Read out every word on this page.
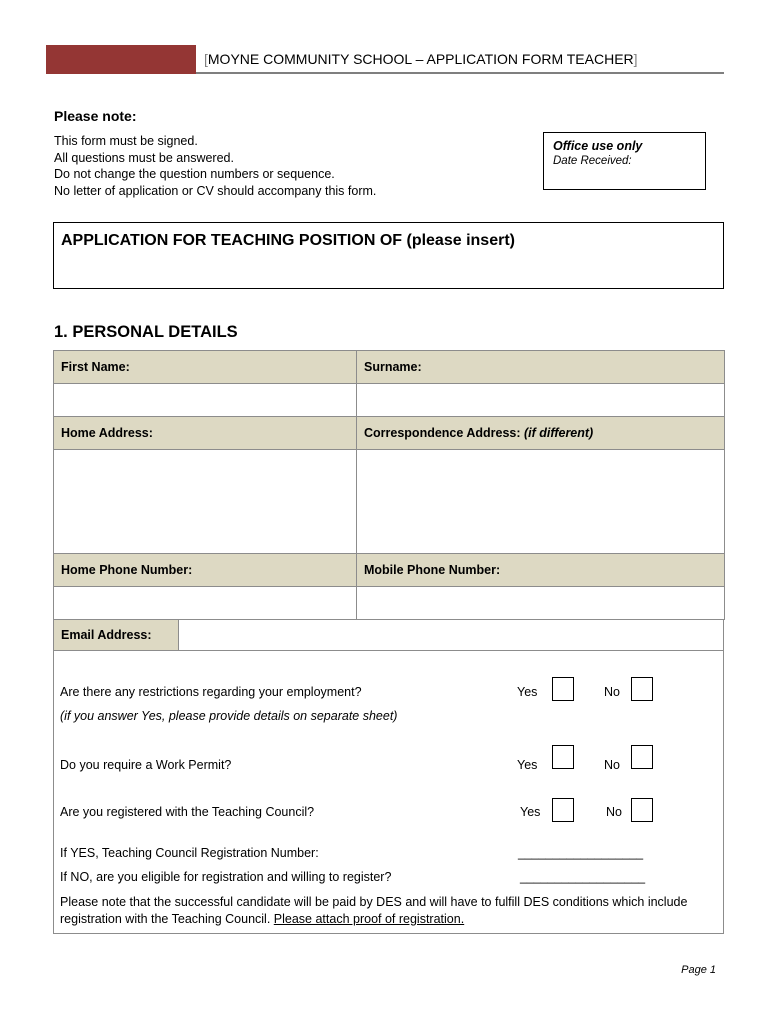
[MOYNE COMMUNITY SCHOOL – APPLICATION FORM TEACHER]
Please note:
This form must be signed.
All questions must be answered.
Do not change the question numbers or sequence.
No letter of application or CV should accompany this form.
Office use only
Date Received:
APPLICATION FOR TEACHING POSITION OF (please insert)
1. PERSONAL DETAILS
First Name:	Surname:

Home Address:	Correspondence Address: (if different)

Home Phone Number:	Mobile Phone Number:

Email Address:
Are there any restrictions regarding your employment?
(if you answer Yes, please provide details on separate sheet)
Yes	No
Do you require a Work Permit?	Yes	No
Are you registered with the Teaching Council?	Yes	No
If YES, Teaching Council Registration Number:	__________________
If NO, are you eligible for registration and willing to register?	__________________
Please note that the successful candidate will be paid by DES and will have to fulfill DES conditions which include registration with the Teaching Council. Please attach proof of registration.
Page 1
